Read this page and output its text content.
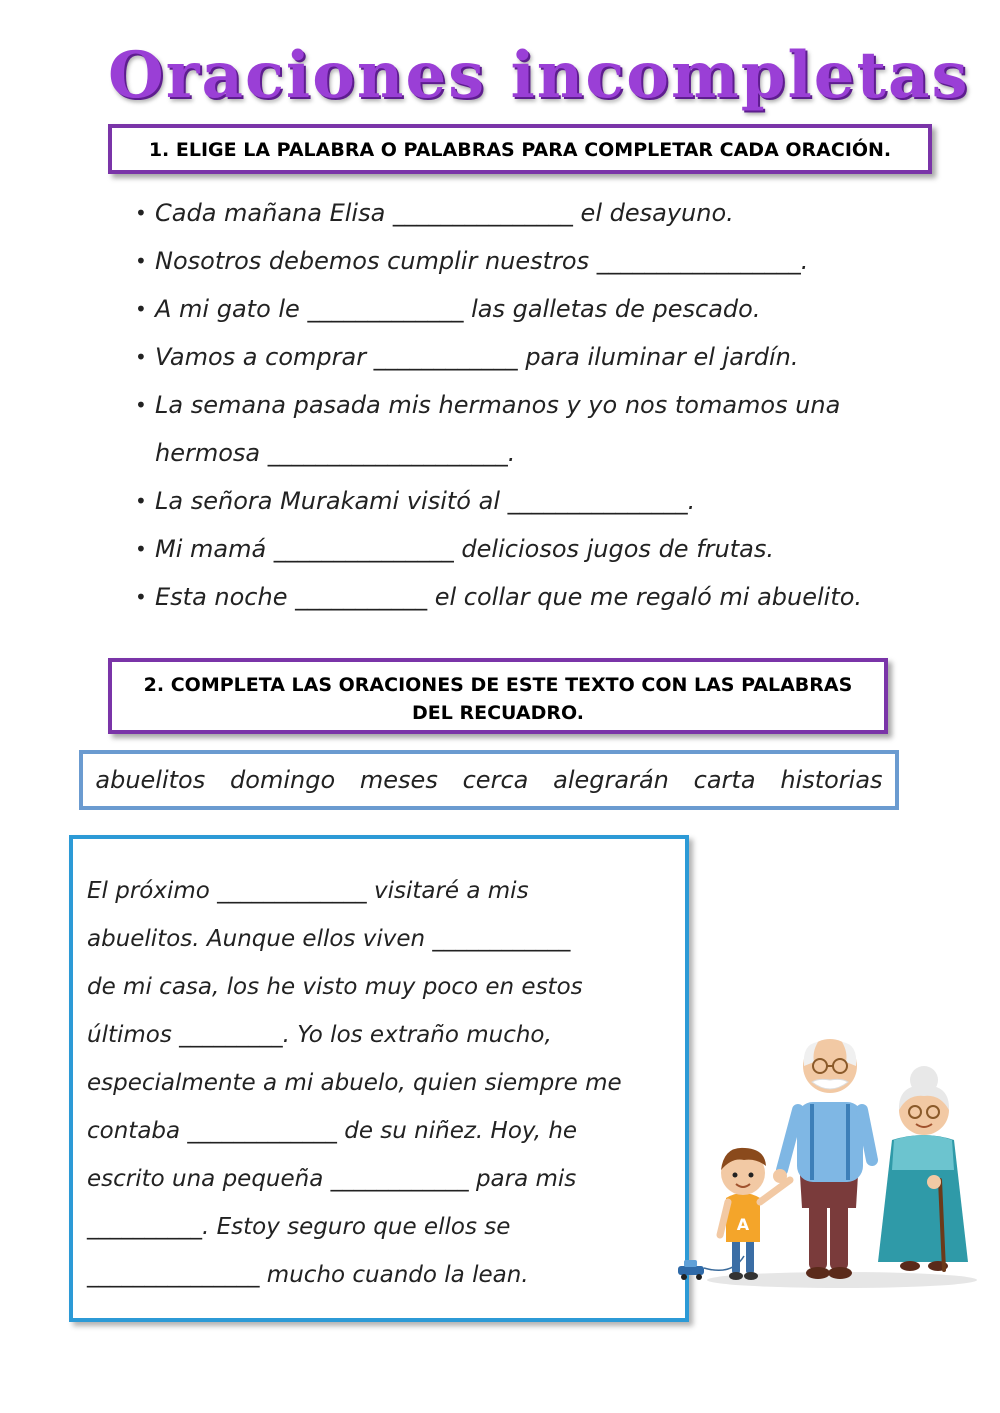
Oraciones incompletas
1. ELIGE LA PALABRA O PALABRAS PARA COMPLETAR CADA ORACIÓN.
• Cada mañana Elisa _______________ el desayuno.
• Nosotros debemos cumplir nuestros _________________.
• A mi gato le _____________ las galletas de pescado.
• Vamos a comprar ____________ para iluminar el jardín.
• La semana pasada mis hermanos y yo nos tomamos una
hermosa ____________________.
• La señora Murakami visitó al _______________.
• Mi mamá _______________ deliciosos jugos de frutas.
• Esta noche ___________ el collar que me regaló mi abuelito.
2. COMPLETA LAS ORACIONES DE ESTE TEXTO CON LAS PALABRAS
DEL RECUADRO.
abuelitos domingo meses cerca alegrarán carta historias

El próximo _____________ visitaré a mis

abuelitos. Aunque ellos viven ____________

de mi casa, los he visto muy poco en estos

últimos _________. Yo los extraño mucho,

especialmente a mi abuelo, quien siempre me

contaba _____________ de su niñez. Hoy, he

escrito una pequeña ____________ para mis

__________. Estoy seguro que ellos se

_______________ mucho cuando la lean.

A
